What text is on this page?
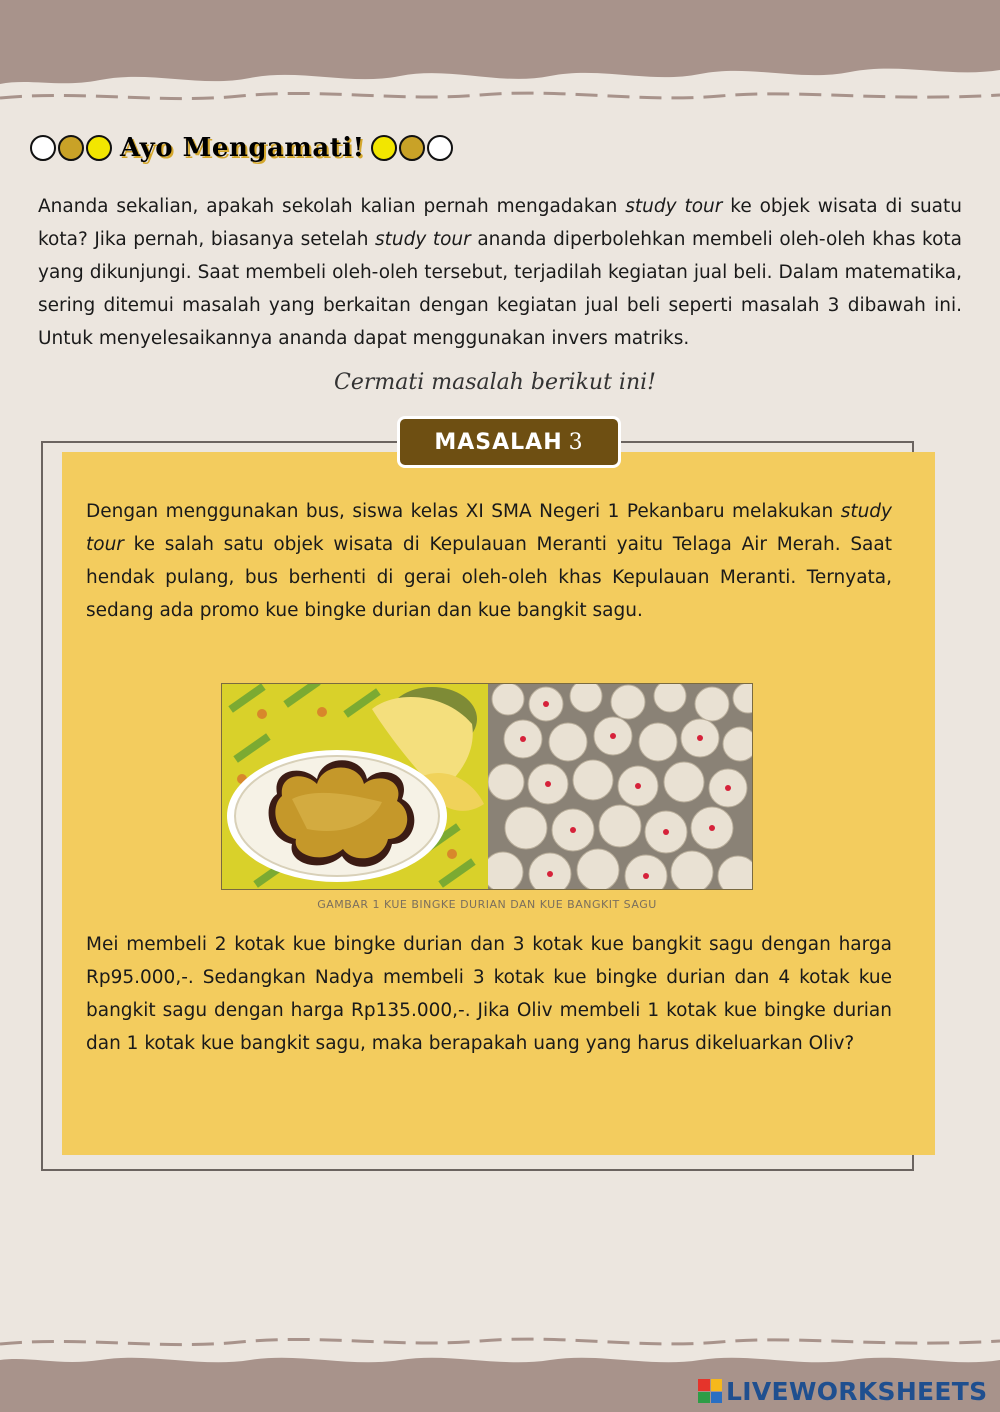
Ayo Mengamati!

Ananda sekalian, apakah sekolah kalian pernah mengadakan study tour ke objek wisata di suatu kota? Jika pernah, biasanya setelah study tour ananda diperbolehkan membeli oleh-oleh khas kota yang dikunjungi. Saat membeli oleh-oleh tersebut, terjadilah kegiatan jual beli. Dalam matematika, sering ditemui masalah yang berkaitan dengan kegiatan jual beli seperti masalah 3 dibawah ini. Untuk menyelesaikannya ananda dapat menggunakan invers matriks.

Cermati masalah berikut ini!
MASALAH 3

Dengan menggunakan bus, siswa kelas XI SMA Negeri 1 Pekanbaru melakukan study tour ke salah satu objek wisata di Kepulauan Meranti yaitu Telaga Air Merah. Saat hendak pulang, bus berhenti di gerai oleh-oleh khas Kepulauan Meranti. Ternyata, sedang ada promo kue bingke durian dan kue bangkit sagu.

GAMBAR 1 KUE BINGKE DURIAN DAN KUE BANGKIT SAGU

Mei membeli 2 kotak kue bingke durian dan 3 kotak kue bangkit sagu dengan harga Rp95.000,-. Sedangkan Nadya membeli 3 kotak kue bingke durian dan 4 kotak kue bangkit sagu dengan harga Rp135.000,-. Jika Oliv membeli 1 kotak kue bingke durian dan 1 kotak kue bangkit sagu, maka berapakah uang yang harus dikeluarkan Oliv?

LIVEWORKSHEETS
